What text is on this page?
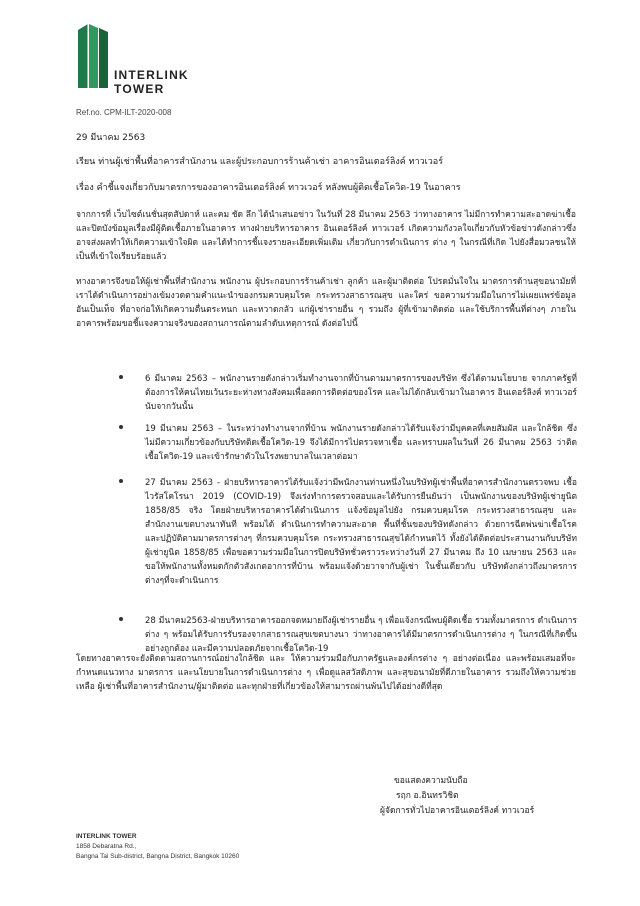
INTERLINK
TOWER
Ref.no. CPM-ILT-2020-008
29 มีนาคม 2563
เรียน ท่านผู้เช่าพื้นที่อาคารสำนักงาน และผู้ประกอบการร้านค้าเช่า อาคารอินเตอร์ลิงค์ ทาวเวอร์
เรื่อง คำชี้แจงเกี่ยวกับมาตรการของอาคารอินเตอร์ลิงค์ ทาวเวอร์ หลังพบผู้ติดเชื้อโควิด-19 ในอาคาร
จากการที่ เว็บไซต์เนชั่นสุดสัปดาห์ และคม ชัด ลึก ได้นำเสนอข่าว ในวันที่ 28 มีนาคม 2563 ว่าทางอาคาร ไม่มีการทำความสะอาดฆ่าเชื้อ และปิดบังข้อมูลเรื่องมีผู้ติดเชื้อภายในอาคาร ทางฝ่ายบริหารอาคาร อินเตอร์ลิงค์ ทาวเวอร์ เกิดความกังวลใจเกี่ยวกับหัวข้อข่าวดังกล่าวซึ่งอาจส่งผลทำให้เกิดความเข้าใจผิด และได้ทำการชี้แจงรายละเอียดเพิ่มเติม เกี่ยวกับการดำเนินการ ต่าง ๆ ในกรณีที่เกิด ไปยังสื่อมวลชนให้เป็นที่เข้าใจเรียบร้อยแล้ว
ทางอาคารจึงขอให้ผู้เช่าพื้นที่สำนักงาน พนักงาน ผู้ประกอบการร้านค้าเช่า ลูกค้า และผู้มาติดต่อ โปรดมั่นใจใน มาตรการด้านสุขอนามัยที่เราได้ดำเนินการอย่างเข้มงวดตามคำแนะนำของกรมควบคุมโรค กระทรวงสาธารณสุข และใคร่ ขอความร่วมมือในการไม่เผยแพร่ข้อมูลอันเป็นเท็จ ที่อาจก่อให้เกิดความตื่นตระหนก และหวาดกลัว แก่ผู้เช่ารายอื่น ๆ รวมถึง ผู้ที่เข้ามาติดต่อ และใช้บริการพื้นที่ต่างๆ ภายในอาคารพร้อมขอชี้แจงความจริงของสถานการณ์ตามลำดับเหตุการณ์ ดังต่อไปนี้
6 มีนาคม 2563 – พนักงานรายดังกล่าวเริ่มทำงานจากที่บ้านตามมาตรการของบริษัท ซึ่งได้ตามนโยบาย จากภาครัฐที่ต้องการให้คนไทยเว้นระยะห่างทางสังคมเพื่อลดการติดต่อของโรค และไม่ได้กลับเข้ามาในอาคาร อินเตอร์ลิงค์ ทาวเวอร์ นับจากวันนั้น
19 มีนาคม 2563 – ในระหว่างทำงานจากที่บ้าน พนักงานรายดังกล่าวได้รับแจ้งว่ามีบุคคลที่เคยสัมผัส และใกล้ชิด ซึ่งไม่มีความเกี่ยวข้องกับบริษัทติดเชื้อโควิด-19 จึงได้มีการไปตรวจหาเชื้อ และทราบผลในวันที่ 26 มีนาคม 2563 ว่าติดเชื้อโควิด-19 และเข้ารักษาตัวในโรงพยาบาลในเวลาต่อมา
27 มีนาคม 2563 - ฝ่ายบริหารอาคารได้รับแจ้งว่ามีพนักงานท่านหนึ่งในบริษัทผู้เช่าพื้นที่อาคารสำนักงานตรวจพบ เชื้อไวรัสโคโรนา 2019 (COVID-19) จึงเร่งทำการตรวจสอบและได้รับการยืนยันว่า เป็นพนักงานของบริษัทผู้เช่ายูนิต 1858/85 จริง โดยฝ่ายบริหารอาคารได้ดำเนินการ แจ้งข้อมูลไปยัง กรมควบคุมโรค กระทรวงสาธารณสุข และสำนักงานเขตบางนาทันที พร้อมได้ ดำเนินการทำความสะอาด พื้นที่ชั้นของบริษัทดังกล่าว ด้วยการฉีดพ่นฆ่าเชื้อโรค และปฏิบัติตามมาตรการต่างๆ ที่กรมควบคุมโรค กระทรวงสาธารณสุขได้กำหนดไว้ ทั้งยังได้ติดต่อประสานงานกับบริษัทผู้เช่ายูนิต 1858/85 เพื่อขอความร่วมมือในการปิดบริษัทชั่วคราวระหว่างวันที่ 27 มีนาคม ถึง 10 เมษายน 2563 และขอให้พนักงานทั้งหมดกักตัวสังเกตอาการที่บ้าน พร้อมแจ้งด้วยวาจากับผู้เช่า ในชั้นเดียวกับ บริษัทดังกล่าวถึงมาตรการต่างๆที่จะดำเนินการ
28 มีนาคม2563-ฝ่ายบริหารอาคารออกจดหมายถึงผู้เช่ารายอื่น ๆ เพื่อแจ้งกรณีพบผู้ติดเชื้อ รวมทั้งมาตรการ ดำเนินการต่าง ๆ พร้อมได้รับการรับรองจากสาธารณสุขเขตบางนา ว่าทางอาคารได้มีมาตรการดำเนินการต่าง ๆ ในกรณีที่เกิดขึ้นอย่างถูกต้อง และมีความปลอดภัยจากเชื้อโควิด-19
โดยทางอาคารจะยังติดตามสถานการณ์อย่างใกล้ชิด และ ให้ความร่วมมือกับภาครัฐและองค์กรต่าง ๆ อย่างต่อเนื่อง และพร้อมเสมอที่จะกำหนดแนวทาง มาตรการ และนโยบายในการดำเนินการต่าง ๆ เพื่อดูแลสวัสดิภาพ และสุขอนามัยที่ดีภายในอาคาร รวมถึงให้ความช่วยเหลือ ผู้เช่าพื้นที่อาคารสำนักงาน/ผู้มาติดต่อ และทุกฝ่ายที่เกี่ยวข้องให้สามารถผ่านพ้นไปได้อย่างดีที่สุด
ขอแสดงความนับถือ
รฤก อ.อินทรวิชิต
ผู้จัดการทั่วไปอาคารอินเตอร์ลิงค์ ทาวเวอร์
INTERLINK TOWER
1858 Debaratna Rd.,
Bangna Tai Sub-district, Bangna District, Bangkok 10260
